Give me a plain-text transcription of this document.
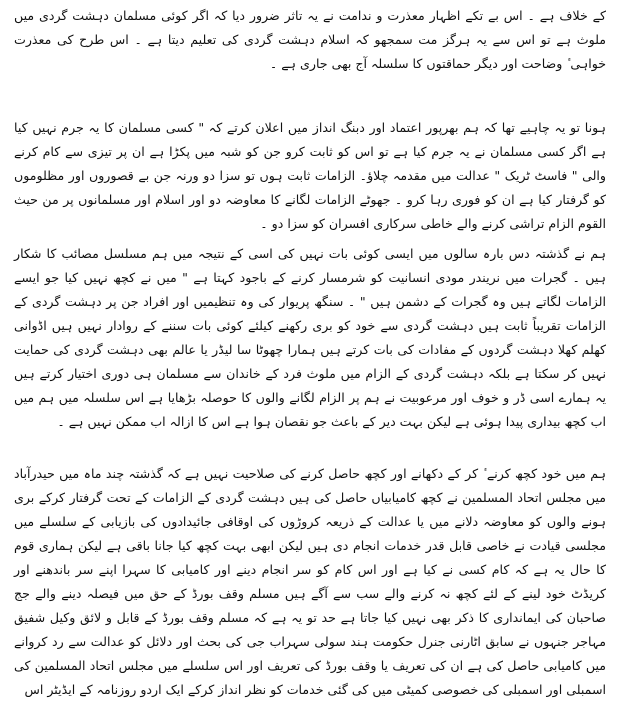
کے خلاف ہے ۔ اس بے تکے اظہار معذرت و ندامت نے یہ تاثر ضرور دیا کہ اگر کوئی مسلمان دہشت گردی میں ملوث ہے تو اس سے یہ ہرگز مت سمجھو کہ اسلام دہشت گردی کی تعلیم دیتا ہے ۔ اس طرح کی معذرت خواہی ٔ وضاحت اور دیگر حماقتوں کا سلسلہ آج بھی جاری ہے ۔

ہونا تو یہ چاہیے تھا کہ ہم بھرپور اعتماد اور دبنگ انداز میں اعلان کرتے کہ " کسی مسلمان کا یہ جرم نہیں کیا ہے اگر کسی مسلمان نے یہ جرم کیا ہے تو اس کو ثابت کرو جن کو شبہ میں پکڑا ہے ان پر تیزی سے کام کرنے والی " فاسٹ ٹریک " عدالت میں مقدمہ چلاؤ۔ الزامات ثابت ہوں تو سزا دو ورنہ جن بے قصوروں اور مظلوموں کو گرفتار کیا ہے ان کو فوری رہا کرو ۔ جھوٹے الزامات لگانے کا معاوضہ دو اور اسلام اور مسلمانوں پر من حیث القوم الزام تراشی کرنے والے خاطی سرکاری افسران کو سزا دو ۔

ہم نے گذشتہ دس بارہ سالوں میں ایسی کوئی بات نہیں کی اسی کے نتیجہ میں ہم مسلسل مصائب کا شکار ہیں ۔ گجرات میں نریندر مودی انسانیت کو شرمسار کرنے کے باجود کہتا ہے " میں نے کچھ نہیں کیا جو ایسے الزامات لگاتے ہیں وہ گجرات کے دشمن ہیں " ۔ سنگھ پریوار کی وہ تنظیمیں اور افراد جن پر دہشت گردی کے الزامات تقریباً ثابت ہیں دہشت گردی سے خود کو بری رکھنے کیلئے کوئی بات سننے کے روادار نہیں ہیں اڈوانی کھلم کھلا دہشت گردوں کے مفادات کی بات کرتے ہیں ہمارا چھوٹا سا لیڈر یا عالم بھی دہشت گردی کی حمایت نہیں کر سکتا ہے بلکہ دہشت گردی کے الزام میں ملوث فرد کے خاندان سے مسلمان ہی دوری اختیار کرتے ہیں یہ ہمارے اسی ڈر و خوف اور مرعوبیت نے ہم پر الزام لگانے والوں کا حوصلہ بڑھایا ہے اس سلسلہ میں ہم میں اب کچھ بیداری پیدا ہوئی ہے لیکن بہت دیر کے باعث جو نقصان ہوا ہے اس کا ازالہ اب ممکن نہیں ہے ۔

ہم میں خود کچھ کرنے ٔ کر کے دکھانے اور کچھ حاصل کرنے کی صلاحیت نہیں ہے کہ گذشتہ چند ماہ میں حیدرآباد میں مجلس اتحاد المسلمین نے کچھ کامیابیاں حاصل کی ہیں دہشت گردی کے الزامات کے تحت گرفتار کرکے بری ہونے والوں کو معاوضہ دلانے میں یا عدالت کے ذریعہ کروڑوں کی اوقافی جائیدادوں کی بازیابی کے سلسلے میں مجلسی قیادت نے خاصی قابل قدر خدمات انجام دی ہیں لیکن ابھی بہت کچھ کیا جانا باقی ہے لیکن ہماری قوم کا حال یہ ہے کہ کام کسی نے کیا ہے اور اس کام کو سر انجام دینے اور کامیابی کا سہرا اپنے سر باندھنے اور کریڈٹ خود لینے کے لئے کچھ نہ کرنے والے سب سے آگے ہیں مسلم وقف بورڈ کے حق میں فیصلہ دینے والے جج صاحبان کی ایمانداری کا ذکر بھی نہیں کیا جاتا ہے حد تو یہ ہے کہ مسلم وقف بورڈ کے قابل و لائق وکیل شفیق مہاجر جنہوں نے سابق اٹارنی جنرل حکومت ہند سولی سہراب جی کی بحث اور دلائل کو عدالت سے رد کروانے میں کامیابی حاصل کی ہے ان کی تعریف یا وقف بورڈ کی تعریف اور اس سلسلے میں مجلس اتحاد المسلمین کی اسمبلی اور اسمبلی کی خصوصی کمیٹی میں کی گئی خدمات کو نظر انداز کرکے ایک اردو روزنامہ کے ایڈیٹر اس
